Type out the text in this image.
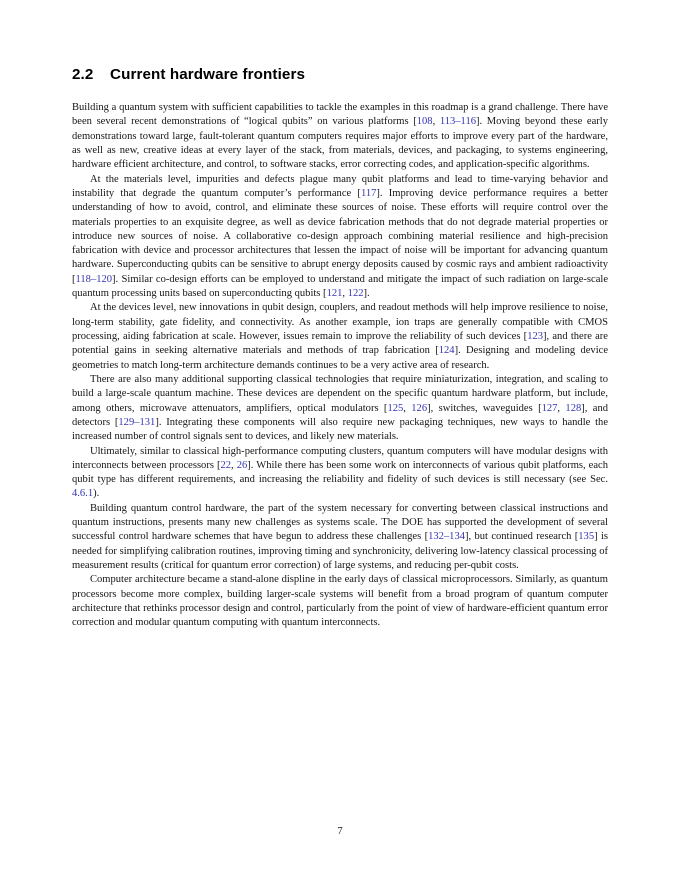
2.2	Current hardware frontiers

Building a quantum system with sufficient capabilities to tackle the examples in this roadmap is a grand challenge. There have been several recent demonstrations of “logical qubits” on various platforms [108, 113–116]. Moving beyond these early demonstrations toward large, fault-tolerant quantum computers requires major efforts to improve every part of the hardware, as well as new, creative ideas at every layer of the stack, from materials, devices, and packaging, to systems engineering, hardware efficient architecture, and control, to software stacks, error correcting codes, and application-specific algorithms.

At the materials level, impurities and defects plague many qubit platforms and lead to time-varying behavior and instability that degrade the quantum computer’s performance [117]. Improving device performance requires a better understanding of how to avoid, control, and eliminate these sources of noise. These efforts will require control over the materials properties to an exquisite degree, as well as device fabrication methods that do not degrade material properties or introduce new sources of noise. A collaborative co-design approach combining material resilience and high-precision fabrication with device and processor architectures that lessen the impact of noise will be important for advancing quantum hardware. Superconducting qubits can be sensitive to abrupt energy deposits caused by cosmic rays and ambient radioactivity [118–120]. Similar co-design efforts can be employed to understand and mitigate the impact of such radiation on large-scale quantum processing units based on superconducting qubits [121, 122].

At the devices level, new innovations in qubit design, couplers, and readout methods will help improve resilience to noise, long-term stability, gate fidelity, and connectivity. As another example, ion traps are generally compatible with CMOS processing, aiding fabrication at scale. However, issues remain to improve the reliability of such devices [123], and there are potential gains in seeking alternative materials and methods of trap fabrication [124]. Designing and modeling device geometries to match long-term architecture demands continues to be a very active area of research.

There are also many additional supporting classical technologies that require miniaturization, integration, and scaling to build a large-scale quantum machine. These devices are dependent on the specific quantum hardware platform, but include, among others, microwave attenuators, amplifiers, optical modulators [125, 126], switches, waveguides [127, 128], and detectors [129–131]. Integrating these components will also require new packaging techniques, new ways to handle the increased number of control signals sent to devices, and likely new materials.

Ultimately, similar to classical high-performance computing clusters, quantum computers will have modular designs with interconnects between processors [22, 26]. While there has been some work on interconnects of various qubit platforms, each qubit type has different requirements, and increasing the reliability and fidelity of such devices is still necessary (see Sec. 4.6.1).

Building quantum control hardware, the part of the system necessary for converting between classical instructions and quantum instructions, presents many new challenges as systems scale. The DOE has supported the development of several successful control hardware schemes that have begun to address these challenges [132–134], but continued research [135] is needed for simplifying calibration routines, improving timing and synchronicity, delivering low-latency classical processing of measurement results (critical for quantum error correction) of large systems, and reducing per-qubit costs.

Computer architecture became a stand-alone displine in the early days of classical microprocessors. Similarly, as quantum processors become more complex, building larger-scale systems will benefit from a broad program of quantum computer architecture that rethinks processor design and control, particularly from the point of view of hardware-efficient quantum error correction and modular quantum computing with quantum interconnects.

7
